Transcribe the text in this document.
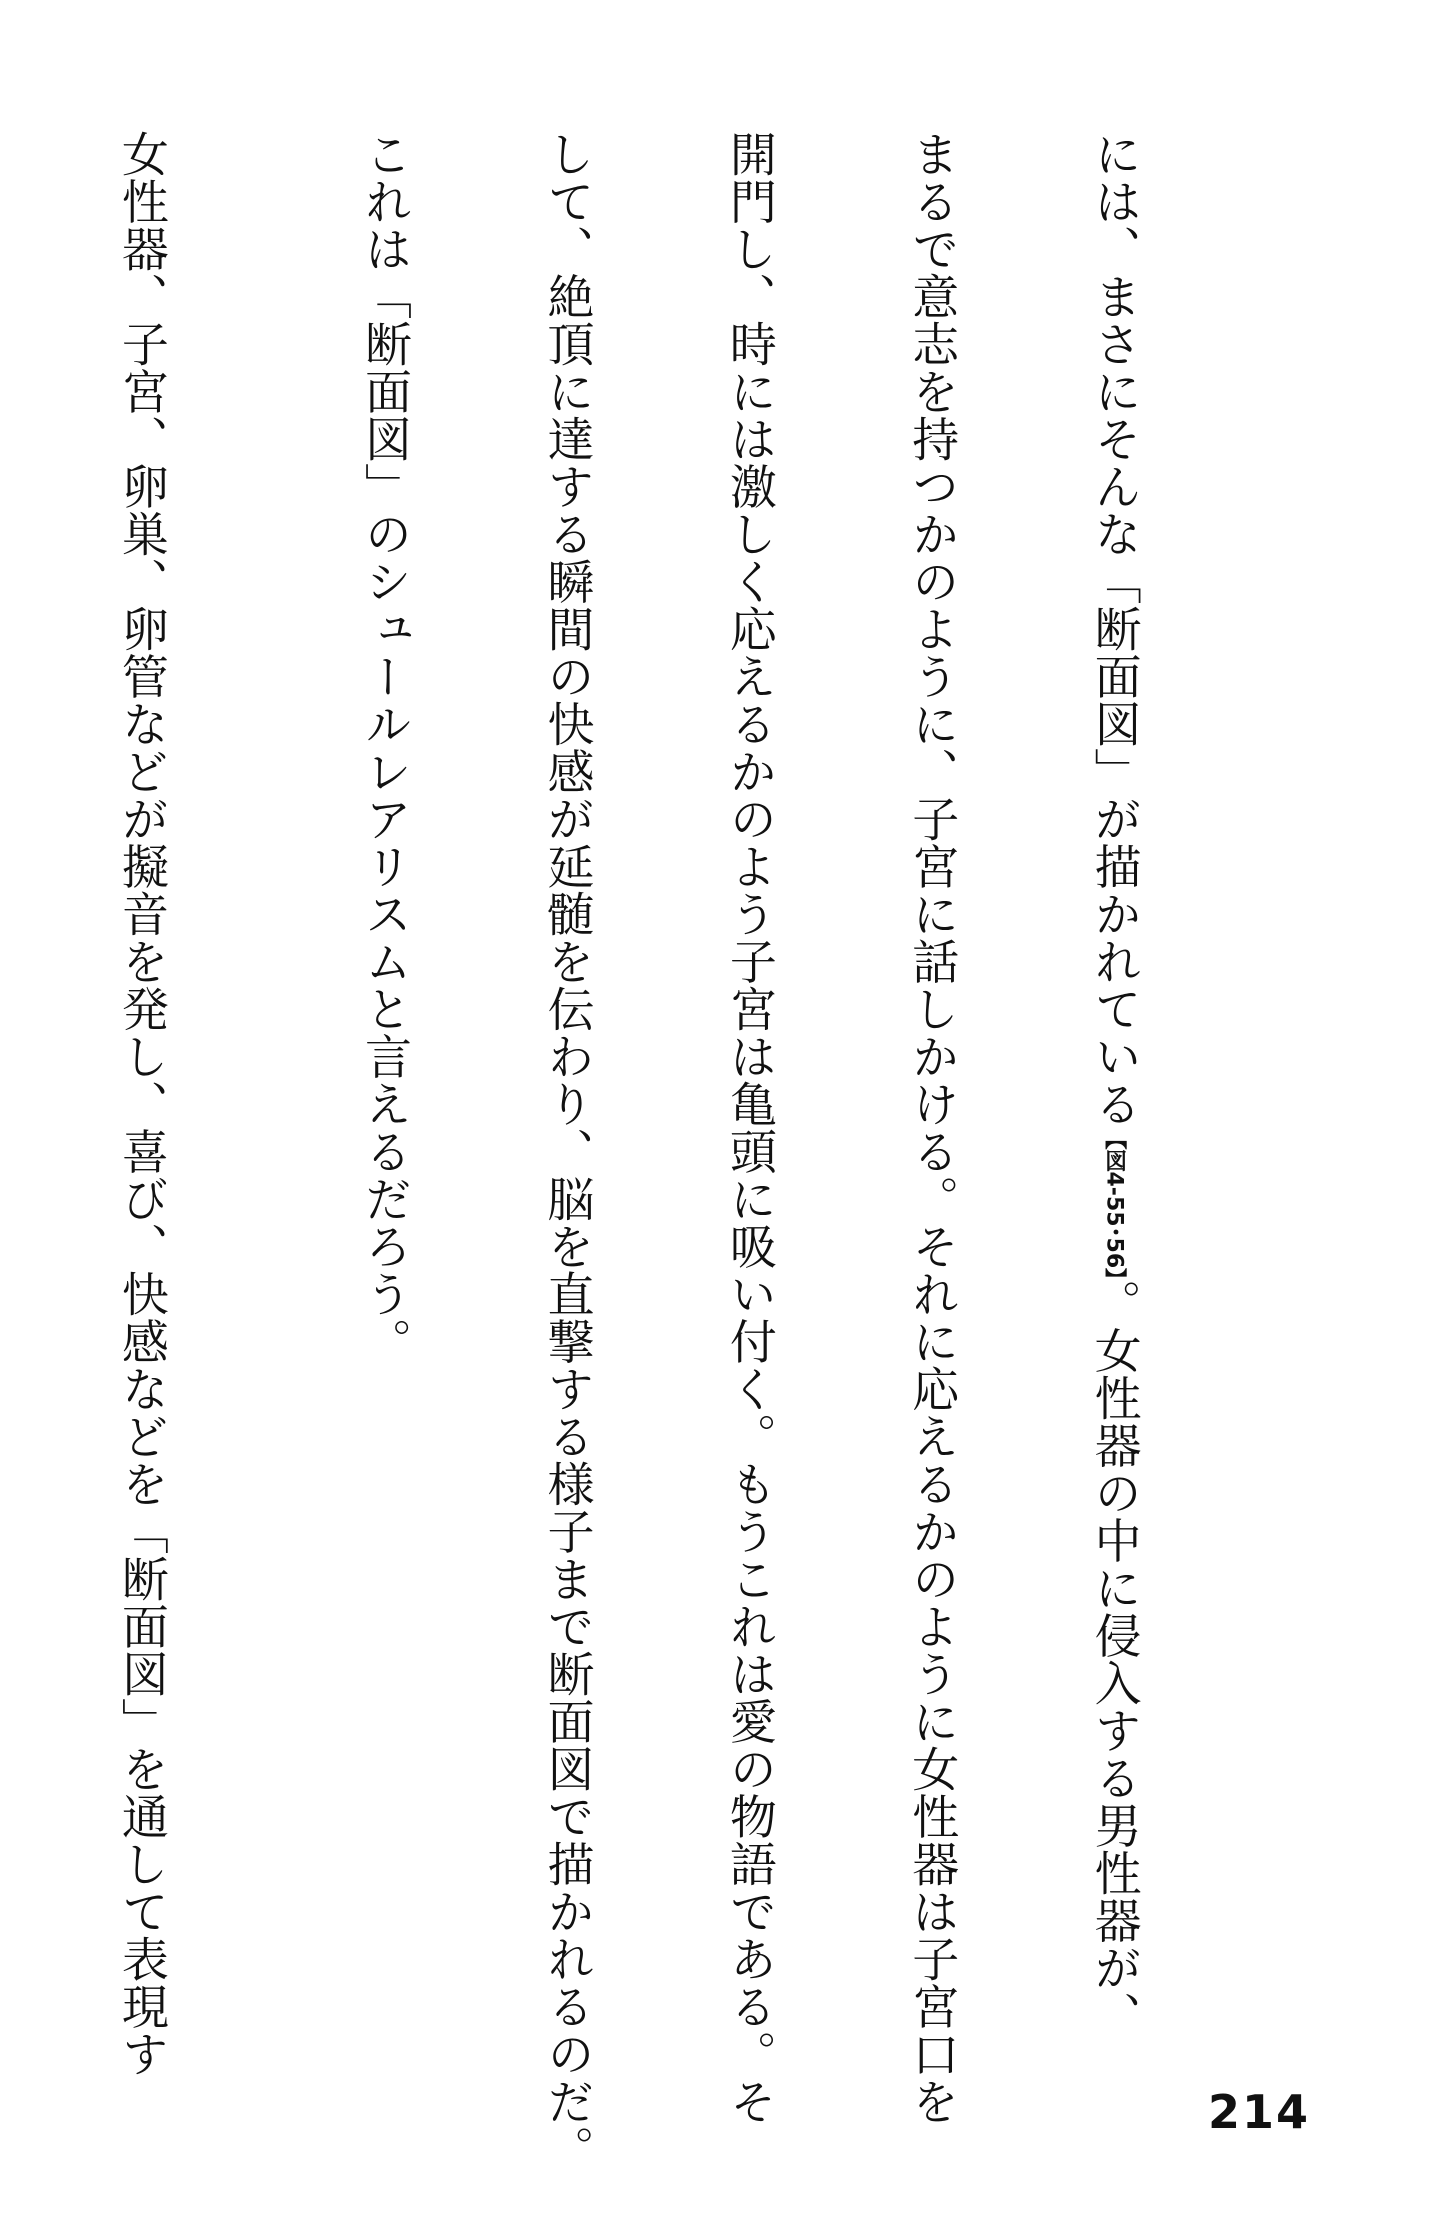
には、まさにそんな「断面図」が描かれている【図4-55･56】。女性器の中に侵入する男性器が、

まるで意志を持つかのように、子宮に話しかける。それに応えるかのように女性器は子宮口を

開門し、時には激しく応えるかのよう子宮は亀頭に吸い付く。もうこれは愛の物語である。そ

して、絶頂に達する瞬間の快感が延髄を伝わり、脳を直撃する様子まで断面図で描かれるのだ。

これは「断面図」のシュールレアリスムと言えるだろう。

女性器、子宮、卵巣、卵管などが擬音を発し、喜び、快感などを「断面図」を通して表現す

214
